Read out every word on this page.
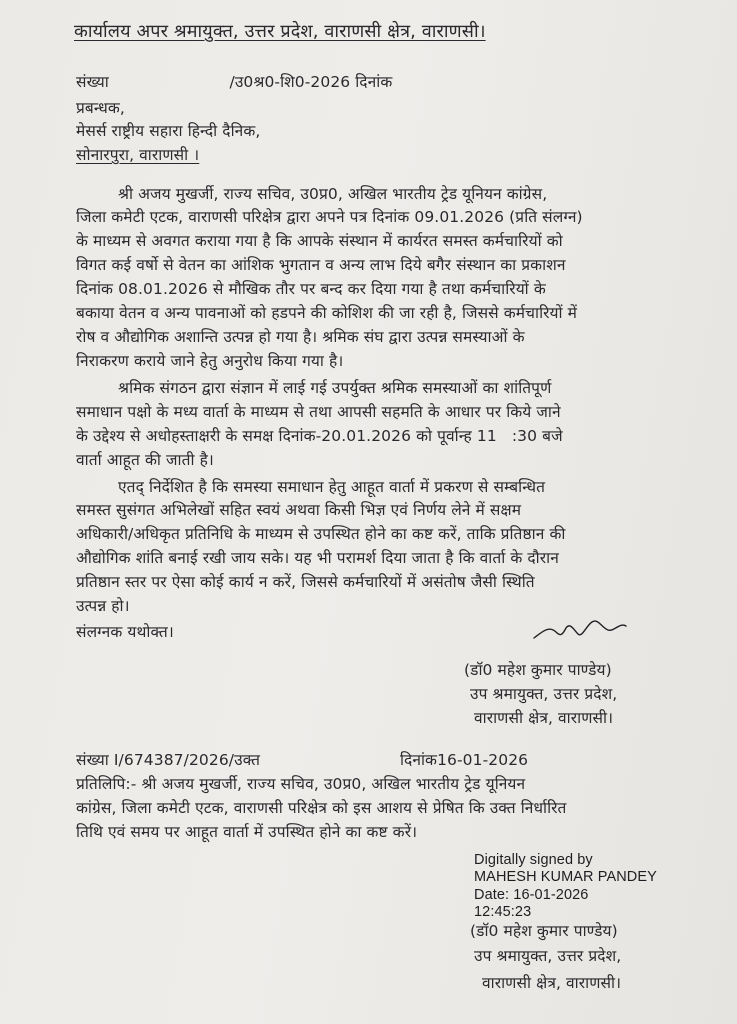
कार्यालय अपर श्रमायुक्त, उत्तर प्रदेश, वाराणसी क्षेत्र, वाराणसी।
संख्या                        /उ0श्र0-शि0-2026 दिनांक
प्रबन्धक,
मेसर्स राष्ट्रीय सहारा हिन्दी दैनिक,
सोनारपुरा, वाराणसी ।
श्री अजय मुखर्जी, राज्य सचिव, उ0प्र0, अखिल भारतीय ट्रेड यूनियन कांग्रेस,
जिला कमेटी एटक, वाराणसी परिक्षेत्र द्वारा अपने पत्र दिनांक 09.01.2026 (प्रति संलग्न)
के माध्यम से अवगत कराया गया है कि आपके संस्थान में कार्यरत समस्त कर्मचारियों को
विगत कई वर्षो से वेतन का आंशिक भुगतान व अन्य लाभ दिये बगैर संस्थान का प्रकाशन
दिनांक 08.01.2026 से मौखिक तौर पर बन्द कर दिया गया है तथा कर्मचारियों के
बकाया वेतन व अन्य पावनाओं को हडपने की कोशिश की जा रही है, जिससे कर्मचारियों में
रोष व औद्योगिक अशान्ति उत्पन्न हो गया है। श्रमिक संघ द्वारा उत्पन्न समस्याओं के
निराकरण कराये जाने हेतु अनुरोध किया गया है।
श्रमिक संगठन द्वारा संज्ञान में लाई गई उपर्युक्त श्रमिक समस्याओं का शांतिपूर्ण
समाधान पक्षो के मध्य वार्ता के माध्यम से तथा आपसी सहमति के आधार पर किये जाने
के उद्देश्य से अधोहस्ताक्षरी के समक्ष दिनांक-20.01.2026 को पूर्वान्ह 11   :30 बजे
वार्ता आहूत की जाती है।
एतद् निर्देशित है कि समस्या समाधान हेतु आहूत वार्ता में प्रकरण से सम्बन्धित
समस्त सुसंगत अभिलेखों सहित स्वयं अथवा किसी भिज्ञ एवं निर्णय लेने में सक्षम
अधिकारी/अधिकृत प्रतिनिधि के माध्यम से उपस्थित होने का कष्ट करें, ताकि प्रतिष्ठान की
औद्योगिक शांति बनाई रखी जाय सके। यह भी परामर्श दिया जाता है कि वार्ता के दौरान
प्रतिष्ठान स्तर पर ऐसा कोई कार्य न करें, जिससे कर्मचारियों में असंतोष जैसी स्थिति
उत्पन्न हो।
संलग्नक यथोक्त।
(डॉ0 महेश कुमार पाण्डेय)
उप श्रमायुक्त, उत्तर प्रदेश,
वाराणसी क्षेत्र, वाराणसी।
संख्या I/674387/2026/उक्त	दिनांक16-01-2026
प्रतिलिपि:- श्री अजय मुखर्जी, राज्य सचिव, उ0प्र0, अखिल भारतीय ट्रेड यूनियन
कांग्रेस, जिला कमेटी एटक, वाराणसी परिक्षेत्र को इस आशय से प्रेषित कि उक्त निर्धारित
तिथि एवं समय पर आहूत वार्ता में उपस्थित होने का कष्ट करें।
Digitally signed by
MAHESH KUMAR PANDEY
Date: 16-01-2026
12:45:23
(डॉ0 महेश कुमार पाण्डेय)
उप श्रमायुक्त, उत्तर प्रदेश,
वाराणसी क्षेत्र, वाराणसी।
